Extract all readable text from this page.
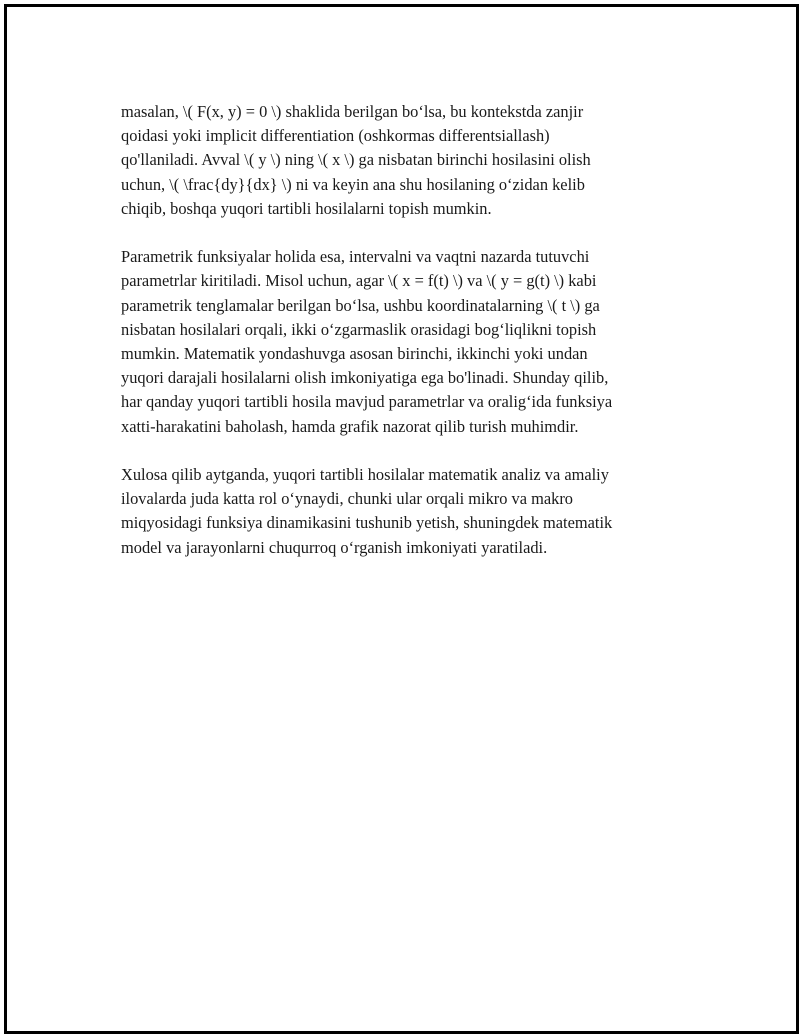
masalan, \( F(x, y) = 0 \) shaklida berilgan bo‘lsa, bu kontekstda zanjir
qoidasi yoki implicit differentiation (oshkormas differentsiallash)
qo'llaniladi. Avval \( y \) ning \( x \) ga nisbatan birinchi hosilasini olish
uchun, \( \frac{dy}{dx} \) ni va keyin ana shu hosilaning o‘zidan kelib
chiqib, boshqa yuqori tartibli hosilalarni topish mumkin.

Parametrik funksiyalar holida esa, intervalni va vaqtni nazarda tutuvchi
parametrlar kiritiladi. Misol uchun, agar \( x = f(t) \) va \( y = g(t) \) kabi
parametrik tenglamalar berilgan bo‘lsa, ushbu koordinatalarning \( t \) ga
nisbatan hosilalari orqali, ikki o‘zgarmaslik orasidagi bog‘liqlikni topish
mumkin. Matematik yondashuvga asosan birinchi, ikkinchi yoki undan
yuqori darajali hosilalarni olish imkoniyatiga ega bo'linadi. Shunday qilib,
har qanday yuqori tartibli hosila mavjud parametrlar va oralig‘ida funksiya
xatti-harakatini baholash, hamda grafik nazorat qilib turish muhimdir.

Xulosa qilib aytganda, yuqori tartibli hosilalar matematik analiz va amaliy
ilovalarda juda katta rol o‘ynaydi, chunki ular orqali mikro va makro
miqyosidagi funksiya dinamikasini tushunib yetish, shuningdek matematik
model va jarayonlarni chuqurroq o‘rganish imkoniyati yaratiladi.
